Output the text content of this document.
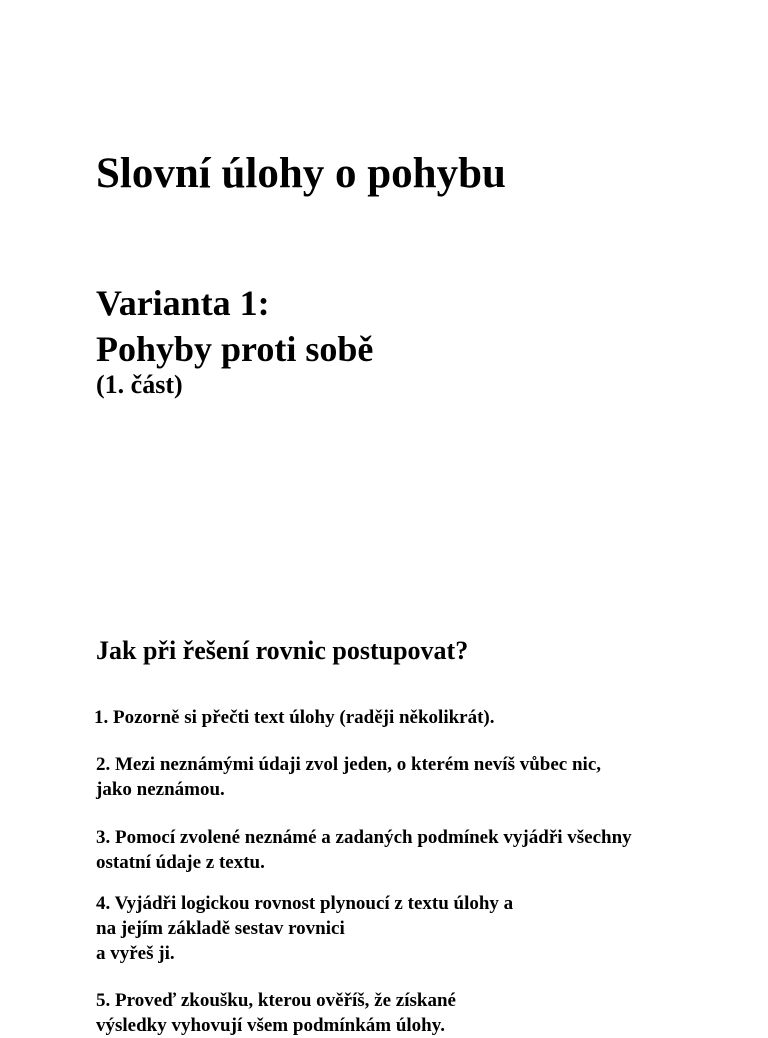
Slovní úlohy o pohybu
Varianta 1:
Pohyby proti sobě
(1. část)
Jak při řešení rovnic postupovat?

1. Pozorně si přečti text úlohy (raději několikrát).

2. Mezi neznámými údaji zvol jeden, o kterém nevíš vůbec nic,
jako neznámou.

3. Pomocí zvolené neznámé a zadaných podmínek vyjádři všechny
ostatní údaje z textu.

4. Vyjádři logickou rovnost plynoucí z textu úlohy a
na jejím základě sestav rovnici
a vyřeš ji.

5. Proveď zkoušku, kterou ověříš, že získané
výsledky vyhovují všem podmínkám úlohy.
